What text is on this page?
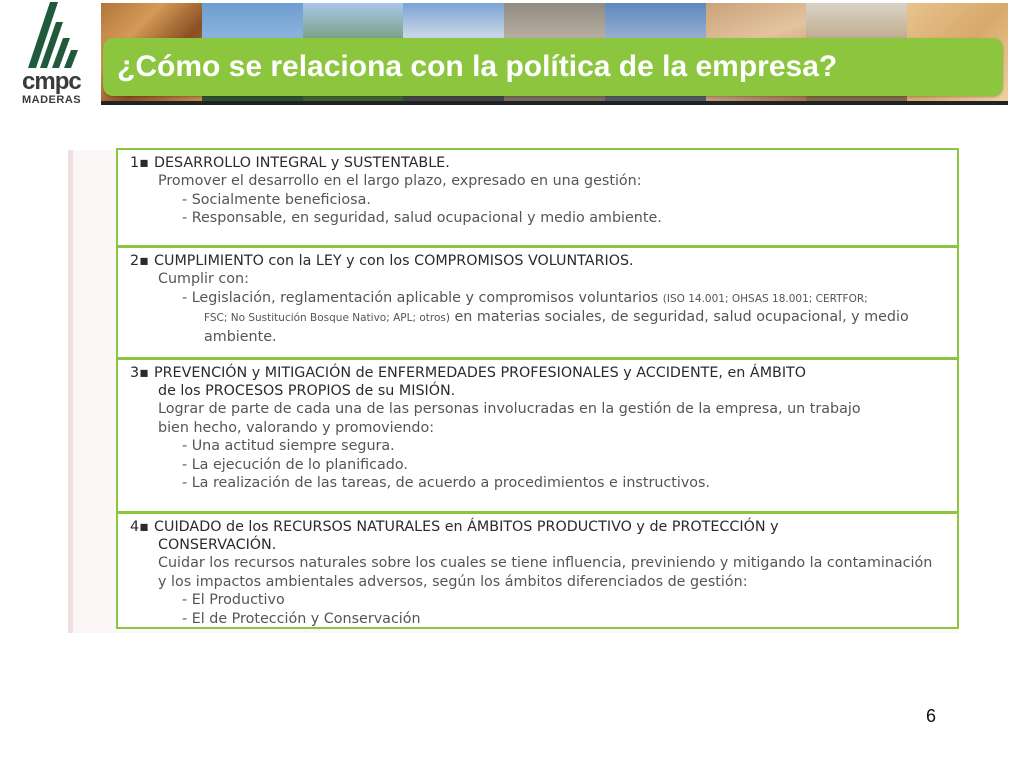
cmpc
MADERAS
¿Cómo se relaciona con la política de la empresa?
1▪ DESARROLLO INTEGRAL y SUSTENTABLE.
Promover el desarrollo en el largo plazo, expresado en una gestión:
- Socialmente beneficiosa.
- Responsable, en seguridad, salud ocupacional y medio ambiente.
2▪ CUMPLIMIENTO con la LEY y con los COMPROMISOS VOLUNTARIOS.
Cumplir con:
- Legislación, reglamentación aplicable y compromisos voluntarios (ISO 14.001; OHSAS 18.001; CERTFOR;
FSC; No Sustitución Bosque Nativo; APL; otros) en materias sociales, de seguridad, salud ocupacional, y medio
ambiente.
3▪ PREVENCIÓN y MITIGACIÓN de ENFERMEDADES PROFESIONALES y ACCIDENTE, en ÁMBITO
de los PROCESOS PROPIOS de su MISIÓN.
Lograr de parte de cada una de las personas involucradas en la gestión de la empresa, un trabajo
bien hecho, valorando y promoviendo:
- Una actitud siempre segura.
- La ejecución de lo planificado.
- La realización de las tareas, de acuerdo a procedimientos e instructivos.
4▪ CUIDADO de los RECURSOS NATURALES en ÁMBITOS PRODUCTIVO y de PROTECCIÓN y
CONSERVACIÓN.
Cuidar los recursos naturales sobre los cuales se tiene influencia, previniendo y mitigando la contaminación
y los impactos ambientales adversos, según los ámbitos diferenciados de gestión:
- El Productivo
- El de Protección y Conservación
6
